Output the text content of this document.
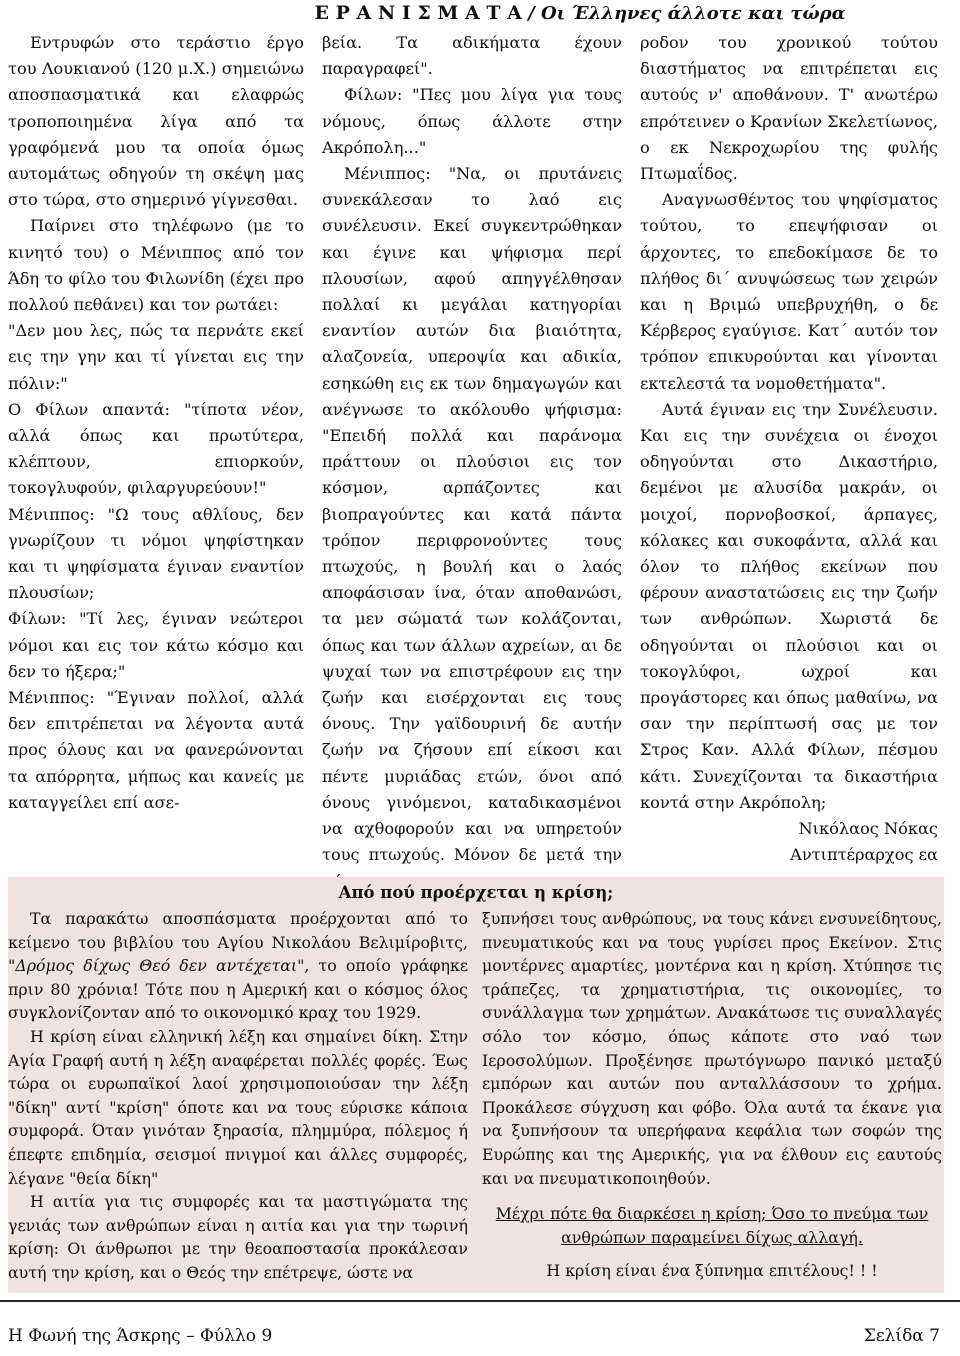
Ε Ρ Α Ν Ι Σ Μ Α Τ Α / Οι Έλληνες άλλοτε και τώρα

Εντρυφών στο τεράστιο έργο του Λουκιανού (120 μ.Χ.) σημειώνω αποσπασματικά και ελαφρώς τροποποιημένα λίγα από τα γραφόμενά μου τα οποία όμως αυτομάτως οδηγούν τη σκέψη μας στο τώρα, στο σημερινό γίγνεσθαι.

Παίρνει στο τηλέφωνο (με το κινητό του) ο Μένιππος από τον Άδη το φίλο του Φιλωνίδη (έχει προ πολλού πεθάνει) και τον ρωτάει:

"Δεν μου λες, πώς τα περνάτε εκεί εις την γην και τί γίνεται εις την πόλιν:"

Ο Φίλων απαντά: "τίποτα νέον, αλλά όπως και πρωτύτερα, κλέπτουν, επιορκούν, τοκογλυφούν, φιλαργυρεύουν!"

Μένιππος: "Ω τους αθλίους, δεν γνωρίζουν τι νόμοι ψηφίστηκαν και τι ψηφίσματα έγιναν εναντίον πλουσίων;

Φίλων: "Τί λες, έγιναν νεώτεροι νόμοι και εις τον κάτω κόσμο και δεν το ήξερα;"

Μένιππος: "Έγιναν πολλοί, αλλά δεν επιτρέπεται να λέγοντα αυτά προς όλους και να φανερώνονται τα απόρρητα, μήπως και κανείς με καταγγείλει επί ασε-

βεία. Τα αδικήματα έχουν παραγραφεί".

Φίλων: "Πες μου λίγα για τους νόμους, όπως άλλοτε στην Ακρόπολη..."

Μένιππος: "Να, οι πρυτάνεις συνεκάλεσαν το λαό εις συνέλευσιν. Εκεί συγκεντρώθηκαν και έγινε και ψήφισμα περί πλουσίων, αφού απηγγέλθησαν πολλαί κι μεγάλαι κατηγορίαι εναντίον αυτών δια βιαιότητα, αλαζονεία, υπεροψία και αδικία, εσηκώθη εις εκ των δημαγωγών και ανέγνωσε το ακόλουθο ψήφισμα: "Επειδή πολλά και παράνομα πράττουν οι πλούσιοι εις τον κόσμον, αρπάζοντες και βιοπραγούντες και κατά πάντα τρόπον περιφρονούντες τους πτωχούς, η βουλή και ο λαός αποφάσισαν ίνα, όταν αποθανώσι, τα μεν σώματά των κολάζονται, όπως και των άλλων αχρείων, αι δε ψυχαί των να επιστρέφουν εις την ζωήν και εισέρχονται εις τους όνους. Την γαϊδουρινή δε αυτήν ζωήν να ζήσουν επί είκοσι και πέντε μυριάδας ετών, όνοι από όνους γινόμενοι, καταδικασμένοι να αχθοφορούν και να υπηρετούν τους πτωχούς. Μόνον δε μετά την

ροδον του χρονικού τούτου διαστήματος να επιτρέπεται εις αυτούς ν' αποθάνουν. Τ' ανωτέρω επρότεινεν ο Κρανίων Σκελετίωνος, ο εκ Νεκροχωρίου της φυλής Πτωμαΐδος.

Αναγνωσθέντος του ψηφίσματος τούτου, το επεψήφισαν οι άρχοντες, το επεδοκίμασε δε το πλήθος δι΄ ανυψώσεως των χειρών και η Βριμώ υπεβρυχήθη, ο δε Κέρβερος εγαύγισε. Κατ΄ αυτόν τον τρόπον επικυρούνται και γίνονται εκτελεστά τα νομοθετήματα".

Αυτά έγιναν εις την Συνέλευσιν. Και εις την συνέχεια οι ένοχοι οδηγούνται στο Δικαστήριο, δεμένοι με αλυσίδα μακράν, οι μοιχοί, πορνοβοσκοί, άρπαγες, κόλακες και συκοφάντα, αλλά και όλον το πλήθος εκείνων που φέρουν αναστατώσεις εις την ζωήν των ανθρώπων. Χωριστά δε οδηγούνται οι πλούσιοι και οι τοκογλύφοι, ωχροί και προγάστορες και όπως μαθαίνω, να σαν την περίπτωσή σας με τον Στρος Καν. Αλλά Φίλων, πέσμου κάτι. Συνεχίζονται τα δικαστήρια κοντά στην Ακρόπολη;

Νικόλαος Νόκας

Αντιπτέραρχος εα

Από πού προέρχεται η κρίση;

Τα παρακάτω αποσπάσματα προέρχονται από το κείμενο του βιβλίου του Αγίου Νικολάου Βελιμίροβιτς, "Δρόμος δίχως Θεό δεν αντέχεται", το οποίο γράφηκε πριν 80 χρόνια! Τότε που η Αμερική και ο κόσμος όλος συγκλονίζονταν από το οικονομικό κραχ του 1929.

Η κρίση είναι ελληνική λέξη και σημαίνει δίκη. Στην Αγία Γραφή αυτή η λέξη αναφέρεται πολλές φορές. Έως τώρα οι ευρωπαϊκοί λαοί χρησιμοποιούσαν την λέξη "δίκη" αντί "κρίση" όποτε και να τους εύρισκε κάποια συμφορά. Όταν γινόταν ξηρασία, πλημμύρα, πόλεμος ή έπεφτε επιδημία, σεισμοί πνιγμοί και άλλες συμφορές, λέγανε "θεία δίκη"

Η αιτία για τις συμφορές και τα μαστιγώματα της γενιάς των ανθρώπων είναι η αιτία και για την τωρινή κρίση: Οι άνθρωποι με την θεοαποστασία προκάλεσαν αυτή την κρίση, και ο Θεός την επέτρεψε, ώστε να

ξυπνήσει τους ανθρώπους, να τους κάνει ενσυνείδητους, πνευματικούς και να τους γυρίσει προς Εκείνον. Στις μοντέρνες αμαρτίες, μοντέρνα και η κρίση. Χτύπησε τις τράπεζες, τα χρηματιστήρια, τις οικονομίες, το συνάλλαγμα των χρημάτων. Ανακάτωσε τις συναλλαγές σόλο τον κόσμο, όπως κάποτε στο ναό των Ιεροσολύμων. Προξένησε πρωτόγνωρο πανικό μεταξύ εμπόρων και αυτών που ανταλλάσσουν το χρήμα. Προκάλεσε σύγχυση και φόβο. Όλα αυτά τα έκανε για να ξυπνήσουν τα υπερήφανα κεφάλια των σοφών της Ευρώπης και της Αμερικής, για να έλθουν εις εαυτούς και να πνευματικοποιηθούν.

Μέχρι πότε θα διαρκέσει η κρίση; Όσο το πνεύμα των ανθρώπων παραμείνει δίχως αλλαγή.

Η κρίση είναι ένα ξύπνημα επιτέλους! ! !

Η Φωνή της Άσκρης – Φύλλο 9	Σελίδα 7
